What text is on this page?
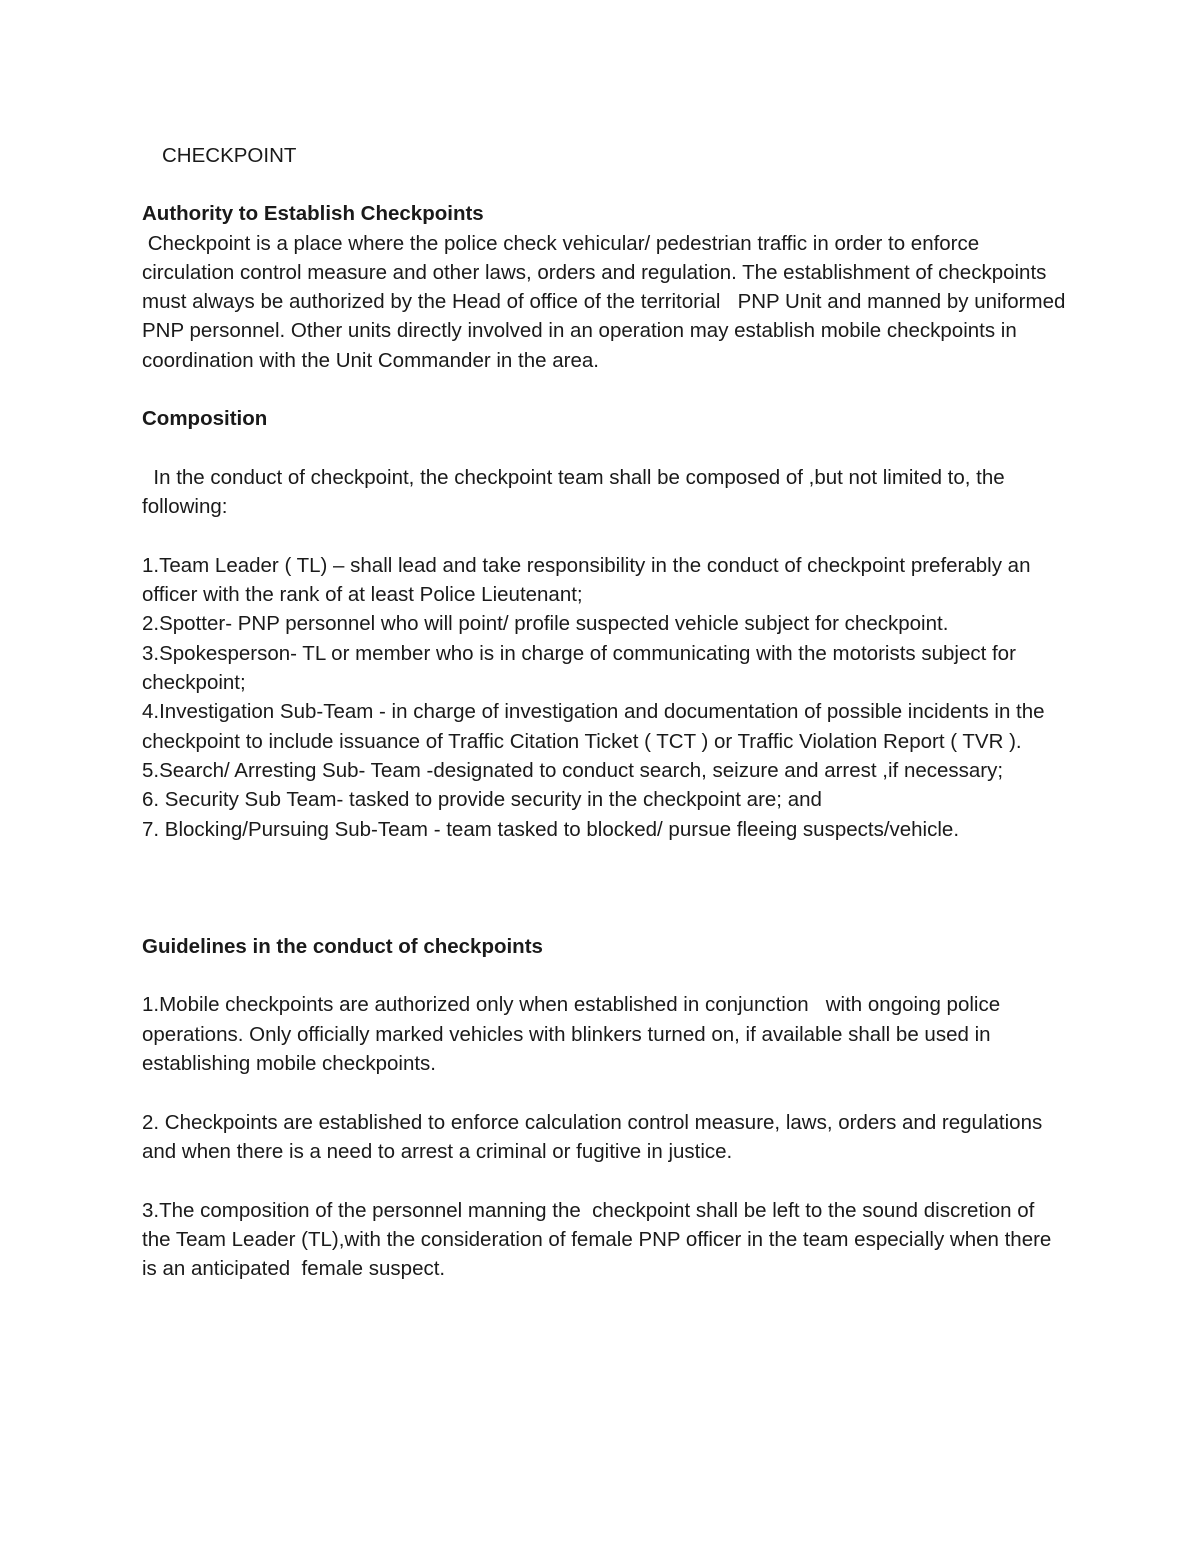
CHECKPOINT

Authority to Establish Checkpoints

Checkpoint is a place where the police check vehicular/ pedestrian traffic in order to enforce circulation control measure and other laws, orders and regulation. The establishment of checkpoints must always be authorized by the Head of office of the territorial   PNP Unit and manned by uniformed PNP personnel. Other units directly involved in an operation may establish mobile checkpoints in coordination with the Unit Commander in the area.

Composition

In the conduct of checkpoint, the checkpoint team shall be composed of ,but not limited to, the following:

1.Team Leader ( TL) – shall lead and take responsibility in the conduct of checkpoint preferably an officer with the rank of at least Police Lieutenant;
2.Spotter- PNP personnel who will point/ profile suspected vehicle subject for checkpoint.
3.Spokesperson- TL or member who is in charge of communicating with the motorists subject for checkpoint;
4.Investigation Sub-Team - in charge of investigation and documentation of possible incidents in the checkpoint to include issuance of Traffic Citation Ticket ( TCT ) or Traffic Violation Report ( TVR ).
5.Search/ Arresting Sub- Team -designated to conduct search, seizure and arrest ,if necessary;
6. Security Sub Team- tasked to provide security in the checkpoint are; and
7. Blocking/Pursuing Sub-Team - team tasked to blocked/ pursue fleeing suspects/vehicle.

Guidelines in the conduct of checkpoints

1.Mobile checkpoints are authorized only when established in conjunction   with ongoing police operations. Only officially marked vehicles with blinkers turned on, if available shall be used in establishing mobile checkpoints.

2. Checkpoints are established to enforce calculation control measure, laws, orders and regulations and when there is a need to arrest a criminal or fugitive in justice.

3.The composition of the personnel manning the  checkpoint shall be left to the sound discretion of the Team Leader (TL),with the consideration of female PNP officer in the team especially when there is an anticipated  female suspect.
